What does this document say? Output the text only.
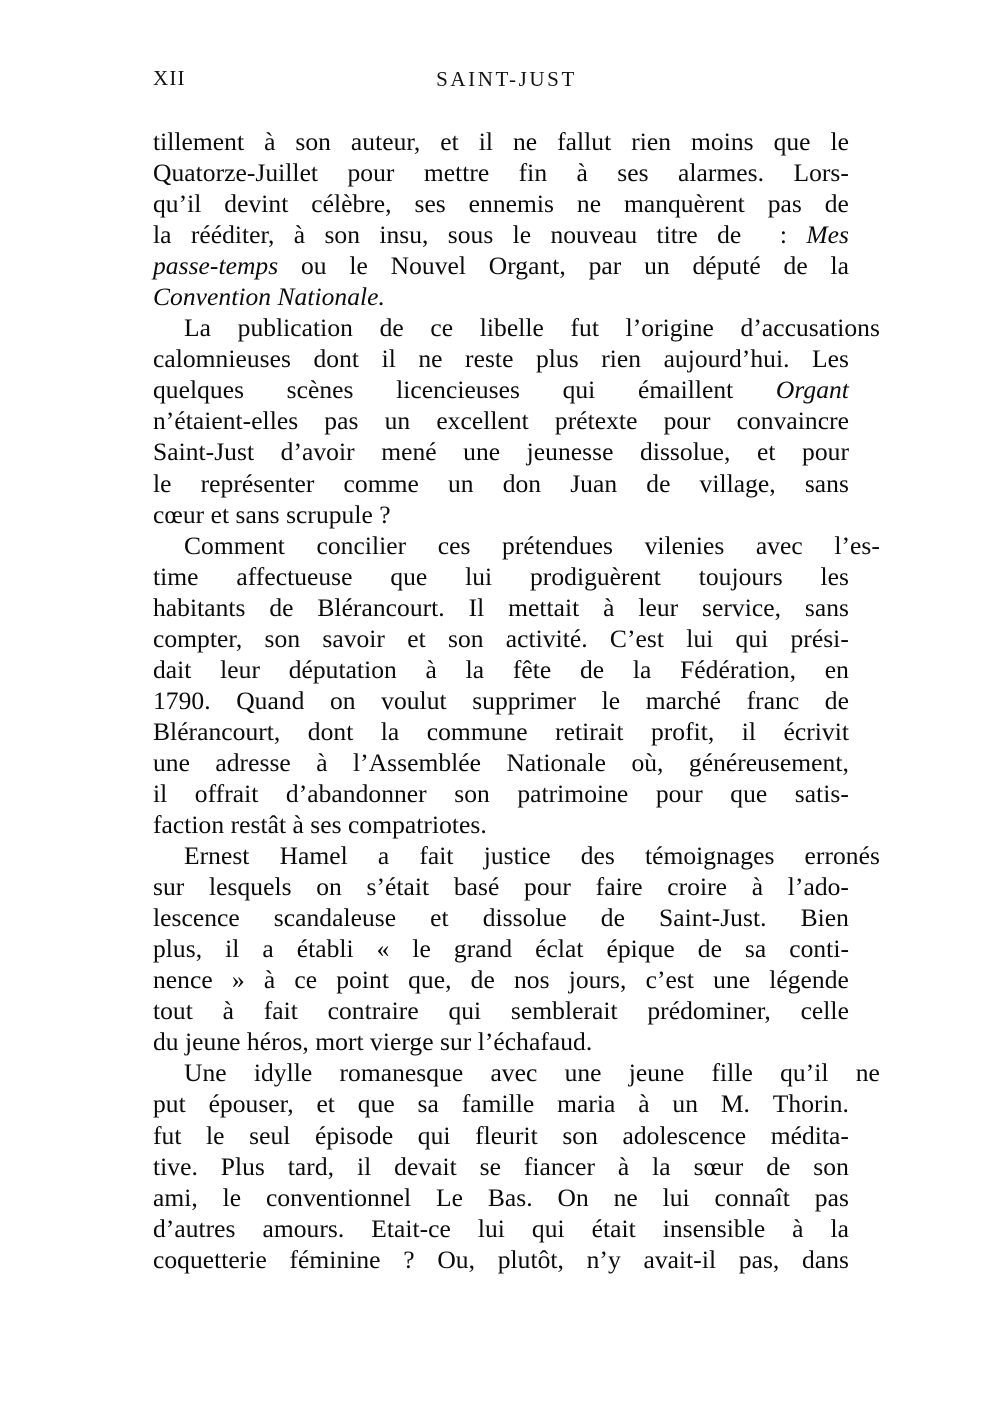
XII	SAINT-JUST
tillement à son auteur, et il ne fallut rien moins que le
Quatorze-Juillet pour mettre fin à ses alarmes. Lors-
qu’il devint célèbre, ses ennemis ne manquèrent pas de
la rééditer, à son insu, sous le nouveau titre de : Mes
passe-temps ou le Nouvel Organt, par un député de la
Convention Nationale.
La publication de ce libelle fut l’origine d’accusations
calomnieuses dont il ne reste plus rien aujourd’hui. Les
quelques scènes licencieuses qui émaillent Organt
n’étaient-elles pas un excellent prétexte pour convaincre
Saint-Just d’avoir mené une jeunesse dissolue, et pour
le représenter comme un don Juan de village, sans
cœur et sans scrupule ?
Comment concilier ces prétendues vilenies avec l’es-
time affectueuse que lui prodiguèrent toujours les
habitants de Blérancourt. Il mettait à leur service, sans
compter, son savoir et son activité. C’est lui qui prési-
dait leur députation à la fête de la Fédération, en
1790. Quand on voulut supprimer le marché franc de
Blérancourt, dont la commune retirait profit, il écrivit
une adresse à l’Assemblée Nationale où, généreusement,
il offrait d’abandonner son patrimoine pour que satis-
faction restât à ses compatriotes.
Ernest Hamel a fait justice des témoignages erronés
sur lesquels on s’était basé pour faire croire à l’ado-
lescence scandaleuse et dissolue de Saint-Just. Bien
plus, il a établi « le grand éclat épique de sa conti-
nence » à ce point que, de nos jours, c’est une légende
tout à fait contraire qui semblerait prédominer, celle
du jeune héros, mort vierge sur l’échafaud.
Une idylle romanesque avec une jeune fille qu’il ne
put épouser, et que sa famille maria à un M. Thorin.
fut le seul épisode qui fleurit son adolescence médita-
tive. Plus tard, il devait se fiancer à la sœur de son
ami, le conventionnel Le Bas. On ne lui connaît pas
d’autres amours. Etait-ce lui qui était insensible à la
coquetterie féminine ? Ou, plutôt, n’y avait-il pas, dans
